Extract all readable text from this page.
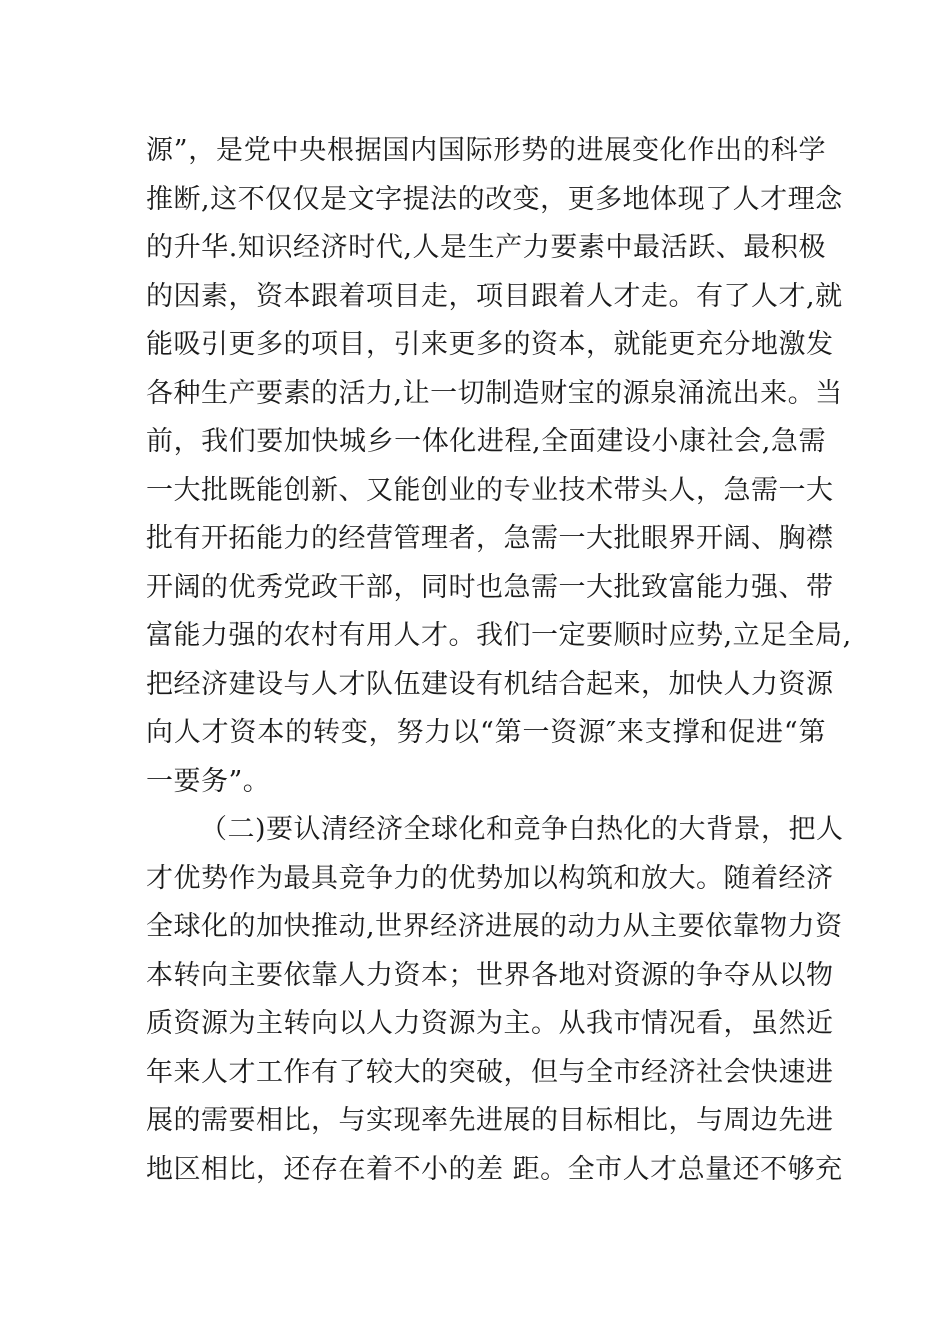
源”，是党中央根据国内国际形势的进展变化作出的科学
推断,这不仅仅是文字提法的改变，更多地体现了人才理念
的升华.知识经济时代,人是生产力要素中最活跃、最积极
的因素，资本跟着项目走，项目跟着人才走。有了人才,就
能吸引更多的项目，引来更多的资本，就能更充分地激发
各种生产要素的活力,让一切制造财宝的源泉涌流出来。当
前，我们要加快城乡一体化进程,全面建设小康社会,急需
一大批既能创新、又能创业的专业技术带头人，急需一大
批有开拓能力的经营管理者，急需一大批眼界开阔、胸襟
开阔的优秀党政干部，同时也急需一大批致富能力强、带
富能力强的农村有用人才。我们一定要顺时应势,立足全局,
把经济建设与人才队伍建设有机结合起来，加快人力资源
向人才资本的转变，努力以“第一资源″来支撑和促进“第
一要务”。
（二)要认清经济全球化和竞争白热化的大背景，把人
才优势作为最具竞争力的优势加以构筑和放大。随着经济
全球化的加快推动,世界经济进展的动力从主要依靠物力资
本转向主要依靠人力资本；世界各地对资源的争夺从以物
质资源为主转向以人力资源为主。从我市情况看，虽然近
年来人才工作有了较大的突破，但与全市经济社会快速进
展的需要相比，与实现率先进展的目标相比，与周边先进
地区相比，还存在着不小的差 距。全市人才总量还不够充
